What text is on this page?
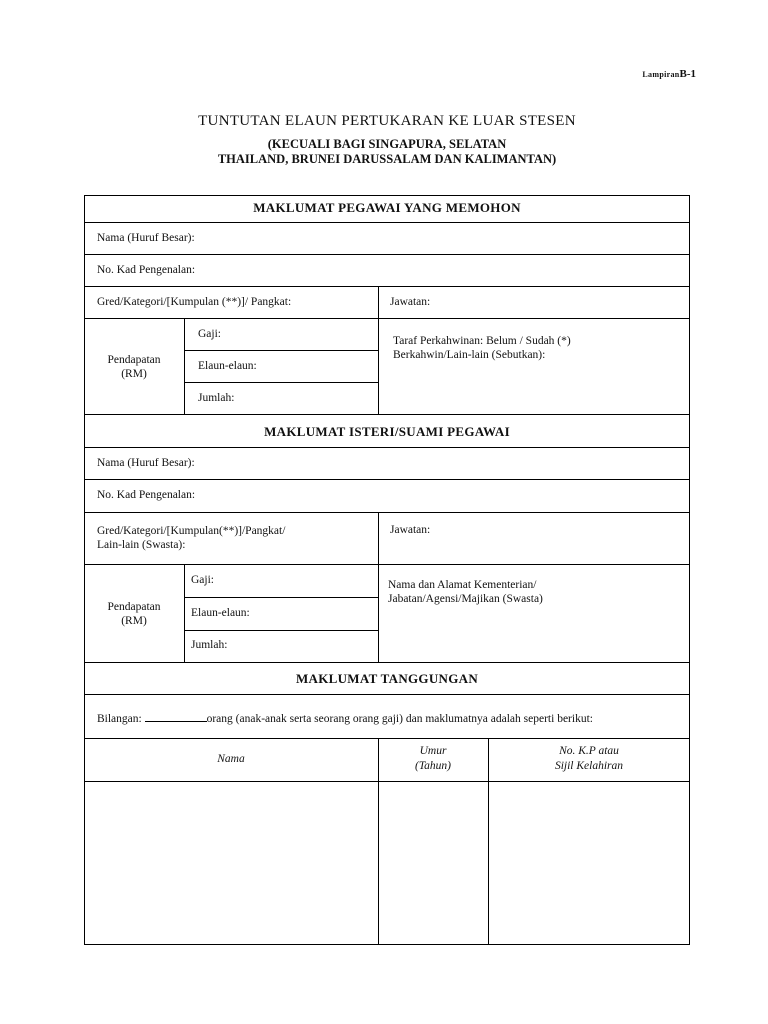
LampiranB-1
TUNTUTAN ELAUN PERTUKARAN KE LUAR STESEN
(KECUALI BAGI SINGAPURA, SELATAN
THAILAND, BRUNEI DARUSSALAM DAN KALIMANTAN)
MAKLUMAT PEGAWAI YANG MEMOHON
Nama (Huruf Besar):
No. Kad Pengenalan:
Gred/Kategori/[Kumpulan (**)]/ Pangkat:	Jawatan:
Pendapatan
(RM)
Gaji:
Elaun-elaun:
Jumlah:
Taraf Perkahwinan: Belum / Sudah (*)
Berkahwin/Lain-lain (Sebutkan):
MAKLUMAT ISTERI/SUAMI PEGAWAI
Nama (Huruf Besar):
No. Kad Pengenalan:
Gred/Kategori/[Kumpulan(**)]/Pangkat/
Lain-lain (Swasta):
Jawatan:
Pendapatan
(RM)
Gaji:
Elaun-elaun:
Jumlah:
Nama dan Alamat Kementerian/
Jabatan/Agensi/Majikan (Swasta)
MAKLUMAT TANGGUNGAN
Bilangan:	orang (anak-anak serta seorang orang gaji) dan maklumatnya adalah seperti berikut:
Nama
Umur
(Tahun)
No. K.P atau
Sijil Kelahiran
